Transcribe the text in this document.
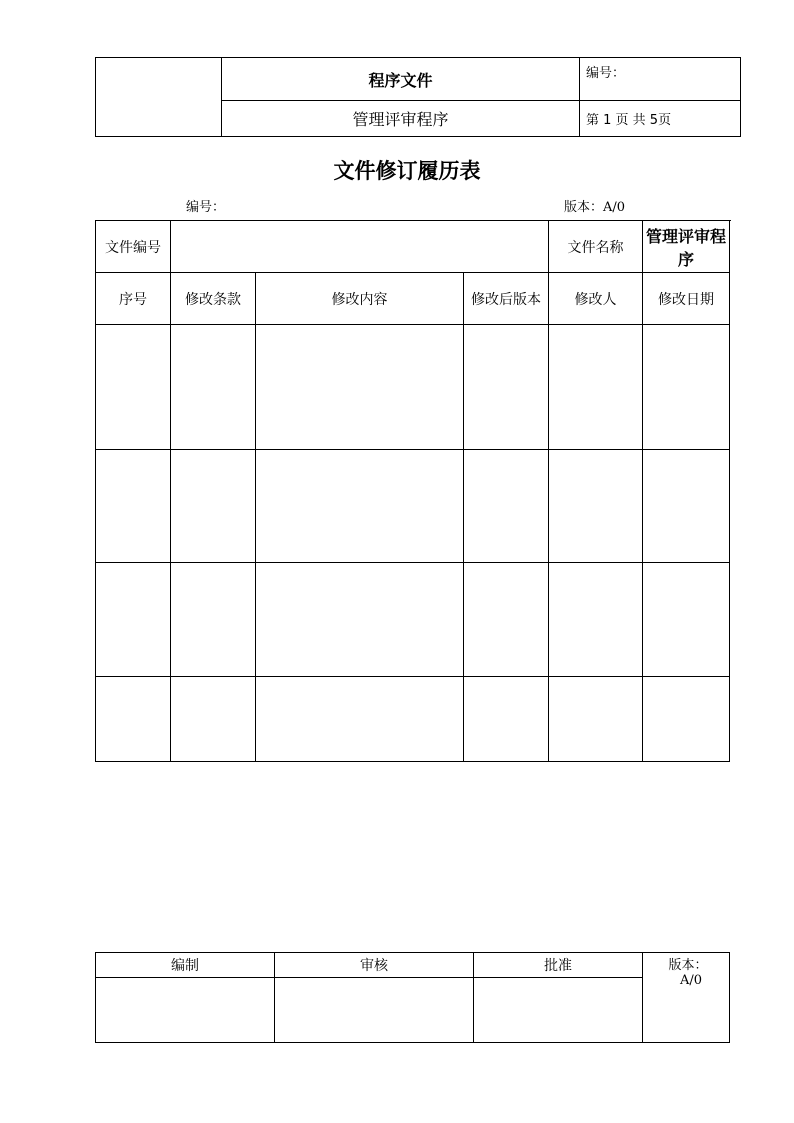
	程序文件	编号：
	管理评审程序	第 1 页 共 5页
文件修订履历表
编号：	版本：A/0
文件编号				文件名称	管理评审程序
序号	修改条款	修改内容	修改后版本	修改人	修改日期

编制	审核	批准	版本：
A/0
